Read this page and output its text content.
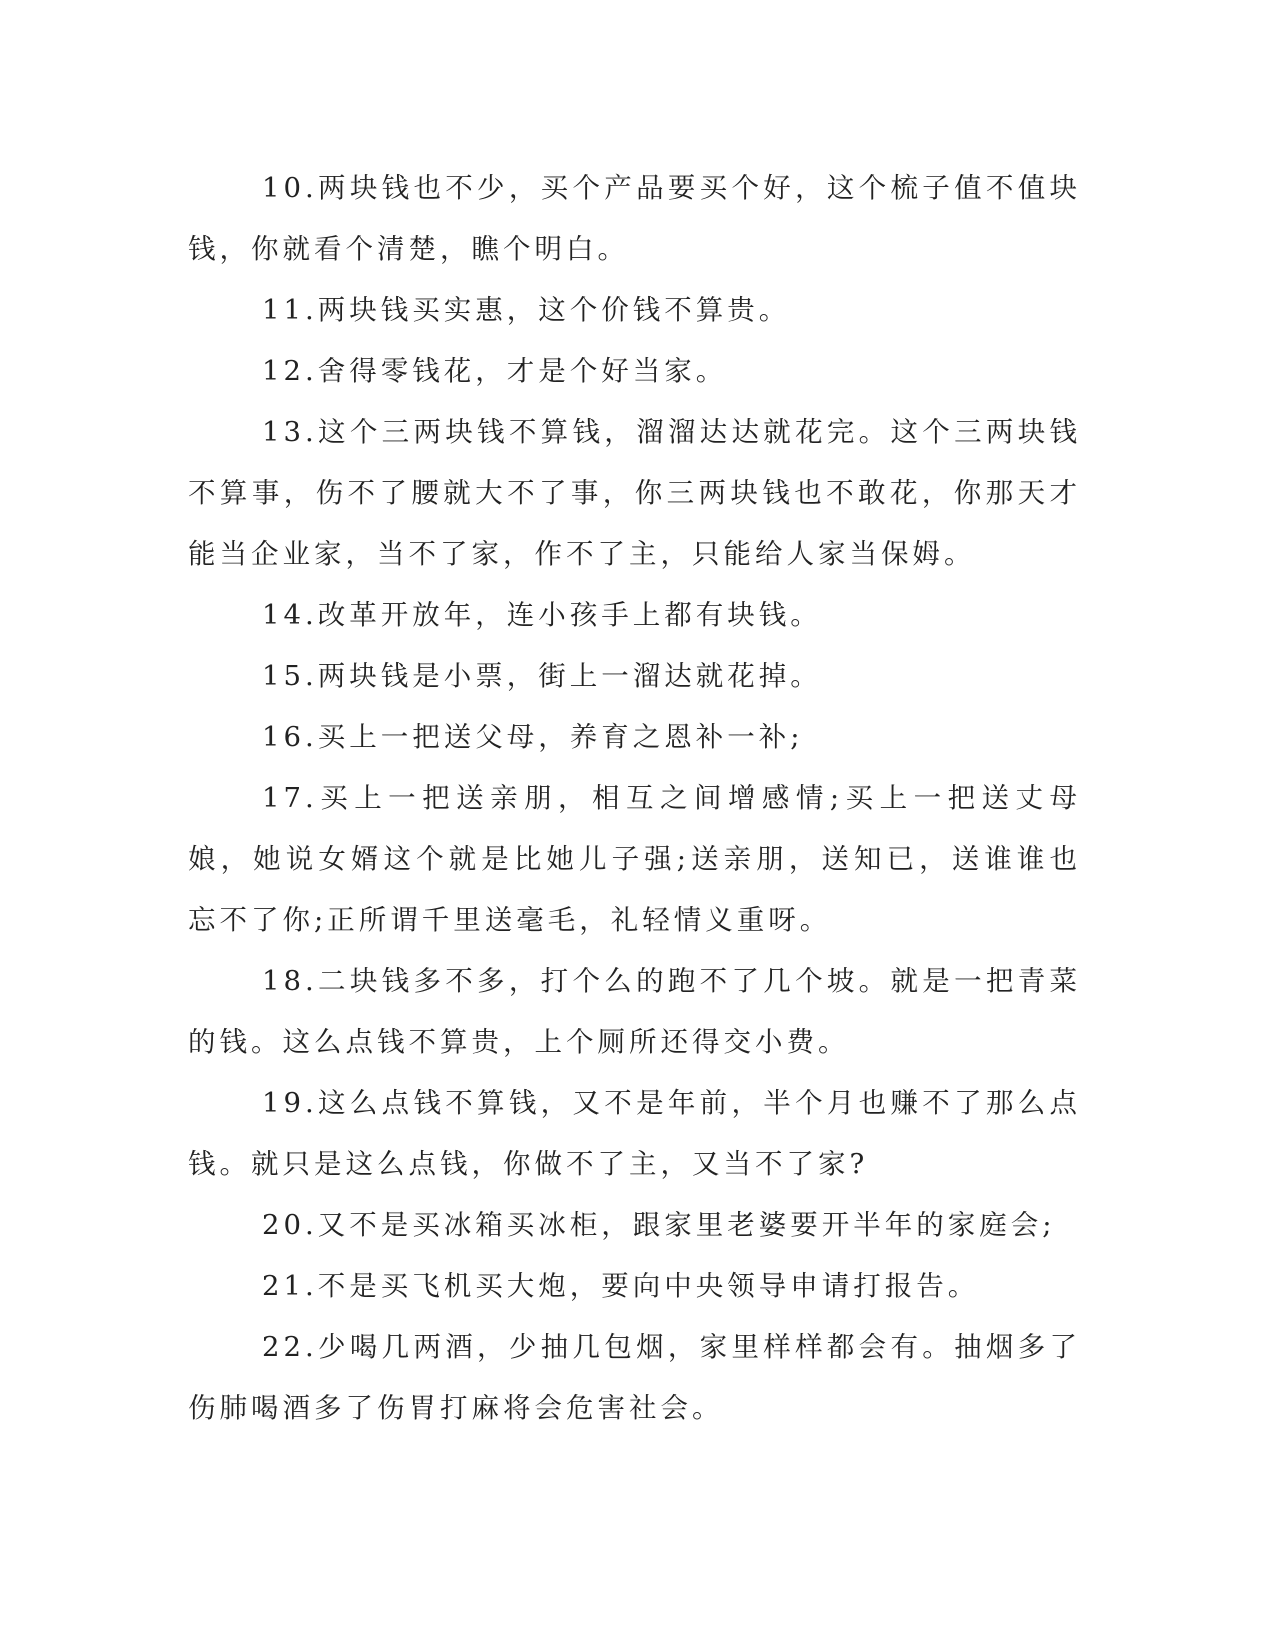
10.两块钱也不少，买个产品要买个好，这个梳子值不值块钱，你就看个清楚，瞧个明白。

11.两块钱买实惠，这个价钱不算贵。

12.舍得零钱花，才是个好当家。

13.这个三两块钱不算钱，溜溜达达就花完。这个三两块钱不算事，伤不了腰就大不了事，你三两块钱也不敢花，你那天才能当企业家，当不了家，作不了主，只能给人家当保姆。

14.改革开放年，连小孩手上都有块钱。

15.两块钱是小票，街上一溜达就花掉。

16.买上一把送父母，养育之恩补一补;

17.买上一把送亲朋，相互之间增感情;买上一把送丈母娘，她说女婿这个就是比她儿子强;送亲朋，送知已，送谁谁也忘不了你;正所谓千里送毫毛，礼轻情义重呀。

18.二块钱多不多，打个么的跑不了几个坡。就是一把青菜的钱。这么点钱不算贵，上个厕所还得交小费。

19.这么点钱不算钱，又不是年前，半个月也赚不了那么点钱。就只是这么点钱，你做不了主，又当不了家?

20.又不是买冰箱买冰柜，跟家里老婆要开半年的家庭会;

21.不是买飞机买大炮，要向中央领导申请打报告。

22.少喝几两酒，少抽几包烟，家里样样都会有。抽烟多了伤肺喝酒多了伤胃打麻将会危害社会。
